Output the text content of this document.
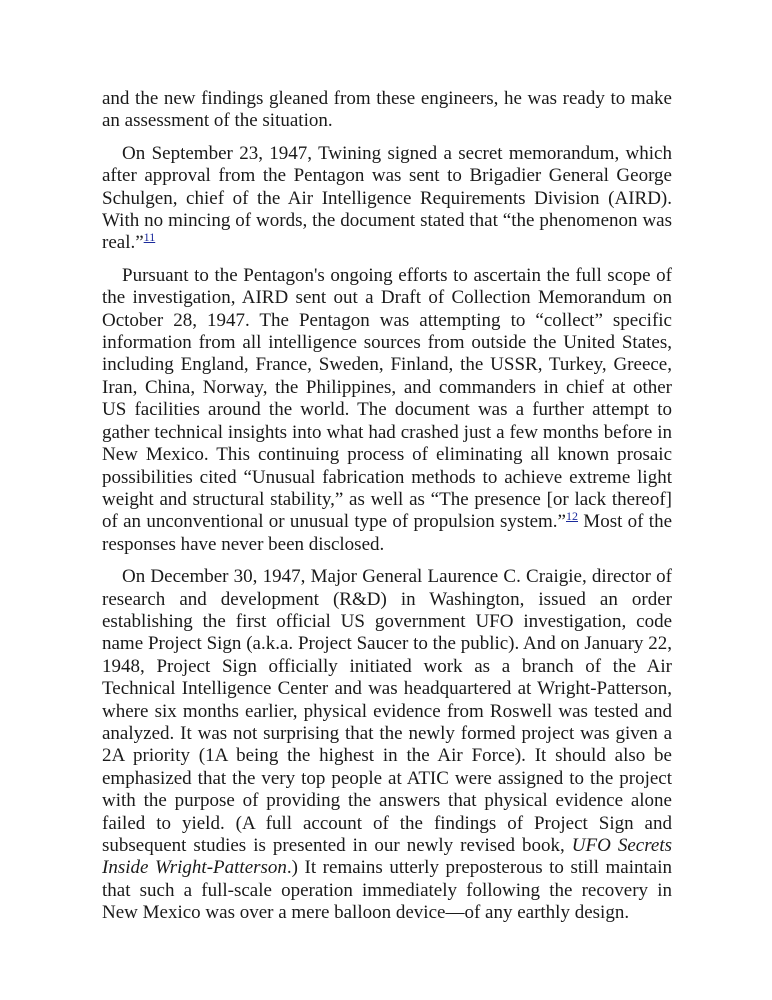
and the new findings gleaned from these engineers, he was ready to make an assessment of the situation.

On September 23, 1947, Twining signed a secret memorandum, which after approval from the Pentagon was sent to Brigadier General George Schulgen, chief of the Air Intelligence Requirements Division (AIRD). With no mincing of words, the document stated that “the phenomenon was real.”$^{11}$

Pursuant to the Pentagon's ongoing efforts to ascertain the full scope of the investigation, AIRD sent out a Draft of Collection Memorandum on October 28, 1947. The Pentagon was attempting to “collect” specific information from all intelligence sources from outside the United States, including England, France, Sweden, Finland, the USSR, Turkey, Greece, Iran, China, Norway, the Philippines, and commanders in chief at other US facilities around the world. The document was a further attempt to gather technical insights into what had crashed just a few months before in New Mexico. This continuing process of eliminating all known prosaic possibilities cited “Unusual fabrication methods to achieve extreme light weight and structural stability,” as well as “The presence [or lack thereof] of an unconventional or unusual type of propulsion system.”$^{12}$ Most of the responses have never been disclosed.

On December 30, 1947, Major General Laurence C. Craigie, director of research and development (R&D) in Washington, issued an order establishing the first official US government UFO investigation, code name Project Sign (a.k.a. Project Saucer to the public). And on January 22, 1948, Project Sign officially initiated work as a branch of the Air Technical Intelligence Center and was headquartered at Wright-Patterson, where six months earlier, physical evidence from Roswell was tested and analyzed. It was not surprising that the newly formed project was given a 2A priority (1A being the highest in the Air Force). It should also be emphasized that the very top people at ATIC were assigned to the project with the purpose of providing the answers that physical evidence alone failed to yield. (A full account of the findings of Project Sign and subsequent studies is presented in our newly revised book, UFO Secrets Inside Wright-Patterson.) It remains utterly preposterous to still maintain that such a full-scale operation immediately following the recovery in New Mexico was over a mere balloon device—of any earthly design.
